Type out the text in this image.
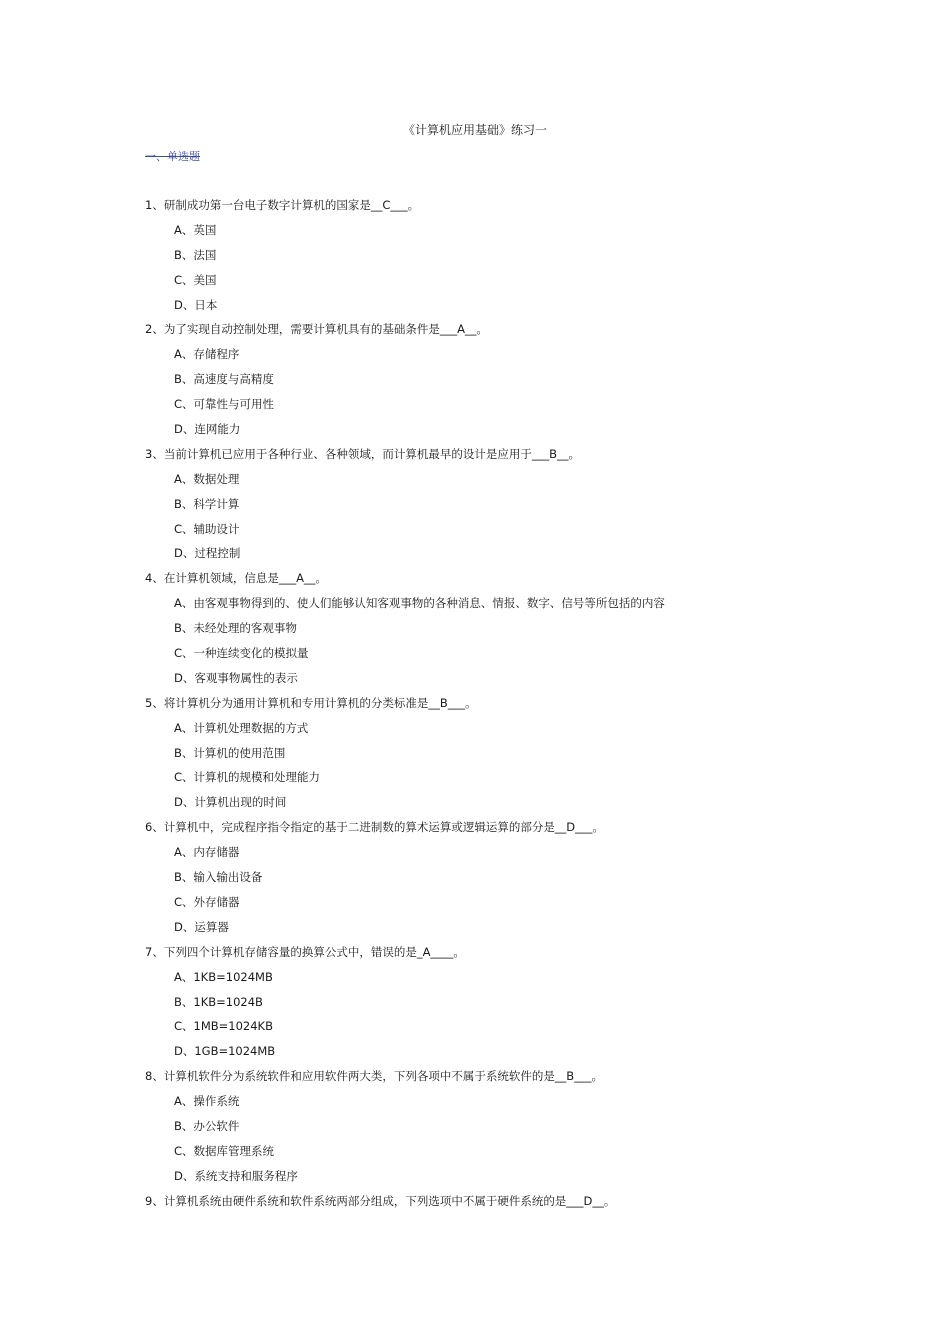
《计算机应用基础》练习一
一、单选题
1、研制成功第一台电子数字计算机的国家是__C___。
A、英国
B、法国
C、美国
D、日本
2、为了实现自动控制处理，需要计算机具有的基础条件是___A__。
A、存储程序
B、高速度与高精度
C、可靠性与可用性
D、连网能力
3、当前计算机已应用于各种行业、各种领域，而计算机最早的设计是应用于___B__。
A、数据处理
B、科学计算
C、辅助设计
D、过程控制
4、在计算机领域，信息是___A__。
A、由客观事物得到的、使人们能够认知客观事物的各种消息、情报、数字、信号等所包括的内容
B、未经处理的客观事物
C、一种连续变化的模拟量
D、客观事物属性的表示
5、将计算机分为通用计算机和专用计算机的分类标准是__B___。
A、计算机处理数据的方式
B、计算机的使用范围
C、计算机的规模和处理能力
D、计算机出现的时间
6、计算机中，完成程序指令指定的基于二进制数的算术运算或逻辑运算的部分是__D___。
A、内存储器
B、输入输出设备
C、外存储器
D、运算器
7、下列四个计算机存储容量的换算公式中，错误的是_A____。
A、1KB=1024MB
B、1KB=1024B
C、1MB=1024KB
D、1GB=1024MB
8、计算机软件分为系统软件和应用软件两大类，下列各项中不属于系统软件的是__B___。
A、操作系统
B、办公软件
C、数据库管理系统
D、系统支持和服务程序
9、计算机系统由硬件系统和软件系统两部分组成，下列选项中不属于硬件系统的是___D__。
